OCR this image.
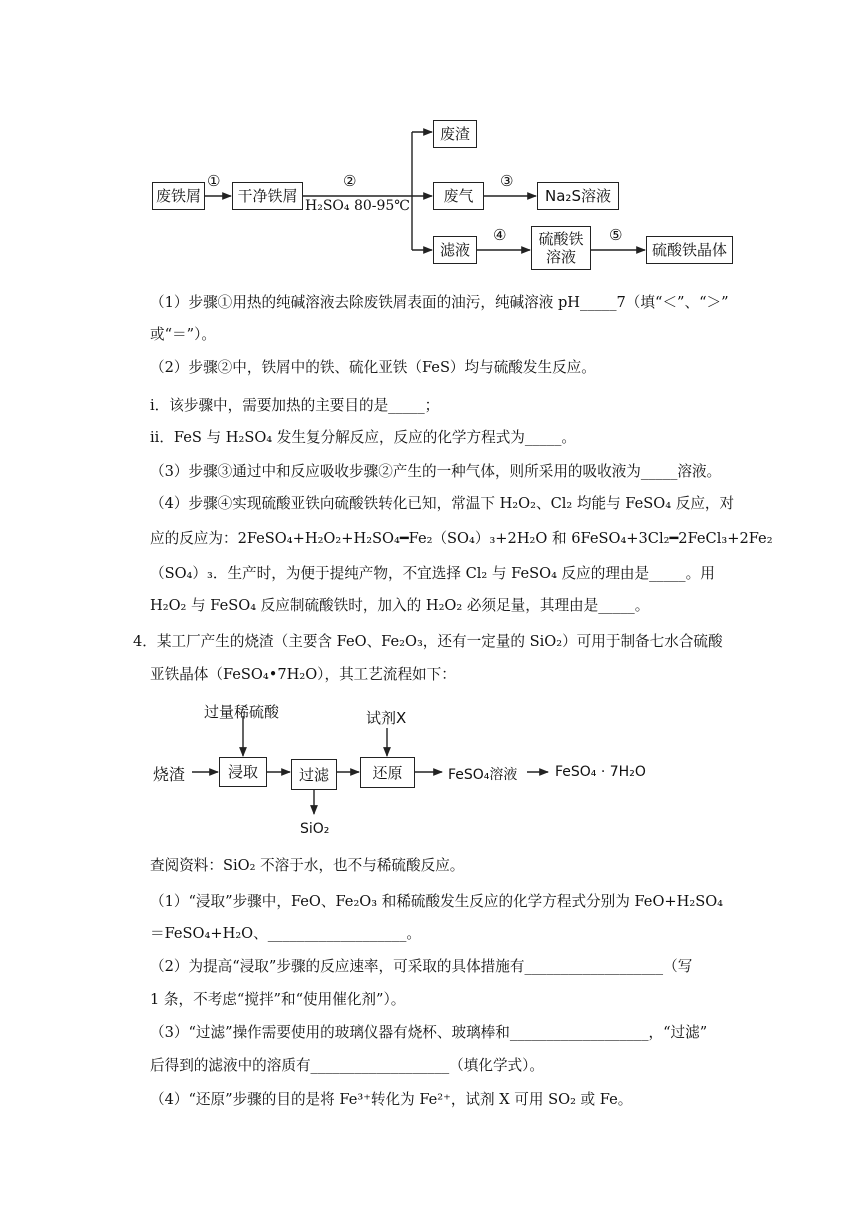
废铁屑	干净铁屑
废渣
废气	Na₂S溶液
滤液
硫酸铁
溶液	硫酸铁晶体
①	②	③
④	⑤
H₂SO₄ 80-95℃
（1）步骤①用热的纯碱溶液去除废铁屑表面的油污，纯碱溶液 pH_____7（填“＜”、“＞”
或“＝”）。
（2）步骤②中，铁屑中的铁、硫化亚铁（FeS）均与硫酸发生反应。
i．该步骤中，需要加热的主要目的是_____；
ii．FeS 与 H₂SO₄ 发生复分解反应，反应的化学方程式为_____。
（3）步骤③通过中和反应吸收步骤②产生的一种气体，则所采用的吸收液为_____溶液。
（4）步骤④实现硫酸亚铁向硫酸铁转化已知，常温下 H₂O₂、Cl₂ 均能与 FeSO₄ 反应，对
应的反应为：2FeSO₄+H₂O₂+H₂SO₄━Fe₂（SO₄）₃+2H₂O 和 6FeSO₄+3Cl₂━2FeCl₃+2Fe₂
（SO₄）₃．生产时，为便于提纯产物，不宜选择 Cl₂ 与 FeSO₄ 反应的理由是_____。用
H₂O₂ 与 FeSO₄ 反应制硫酸铁时，加入的 H₂O₂ 必须足量，其理由是_____。
4．某工厂产生的烧渣（主要含 FeO、Fe₂O₃，还有一定量的 SiO₂）可用于制备七水合硫酸
亚铁晶体（FeSO₄•7H₂O），其工艺流程如下：
过量稀硫酸	试剂X
烧渣	浸取	过滤	还原	FeSO₄溶液	FeSO₄ · 7H₂O
SiO₂
查阅资料：SiO₂ 不溶于水，也不与稀硫酸反应。
（1）“浸取”步骤中，FeO、Fe₂O₃ 和稀硫酸发生反应的化学方程式分别为 FeO+H₂SO₄
＝FeSO₄+H₂O、___________________。
（2）为提高“浸取”步骤的反应速率，可采取的具体措施有___________________（写
1 条，不考虑“搅拌”和“使用催化剂”）。
（3）“过滤”操作需要使用的玻璃仪器有烧杯、玻璃棒和___________________，“过滤”
后得到的滤液中的溶质有___________________（填化学式）。
（4）“还原”步骤的目的是将 Fe³⁺转化为 Fe²⁺，试剂 X 可用 SO₂ 或 Fe。
